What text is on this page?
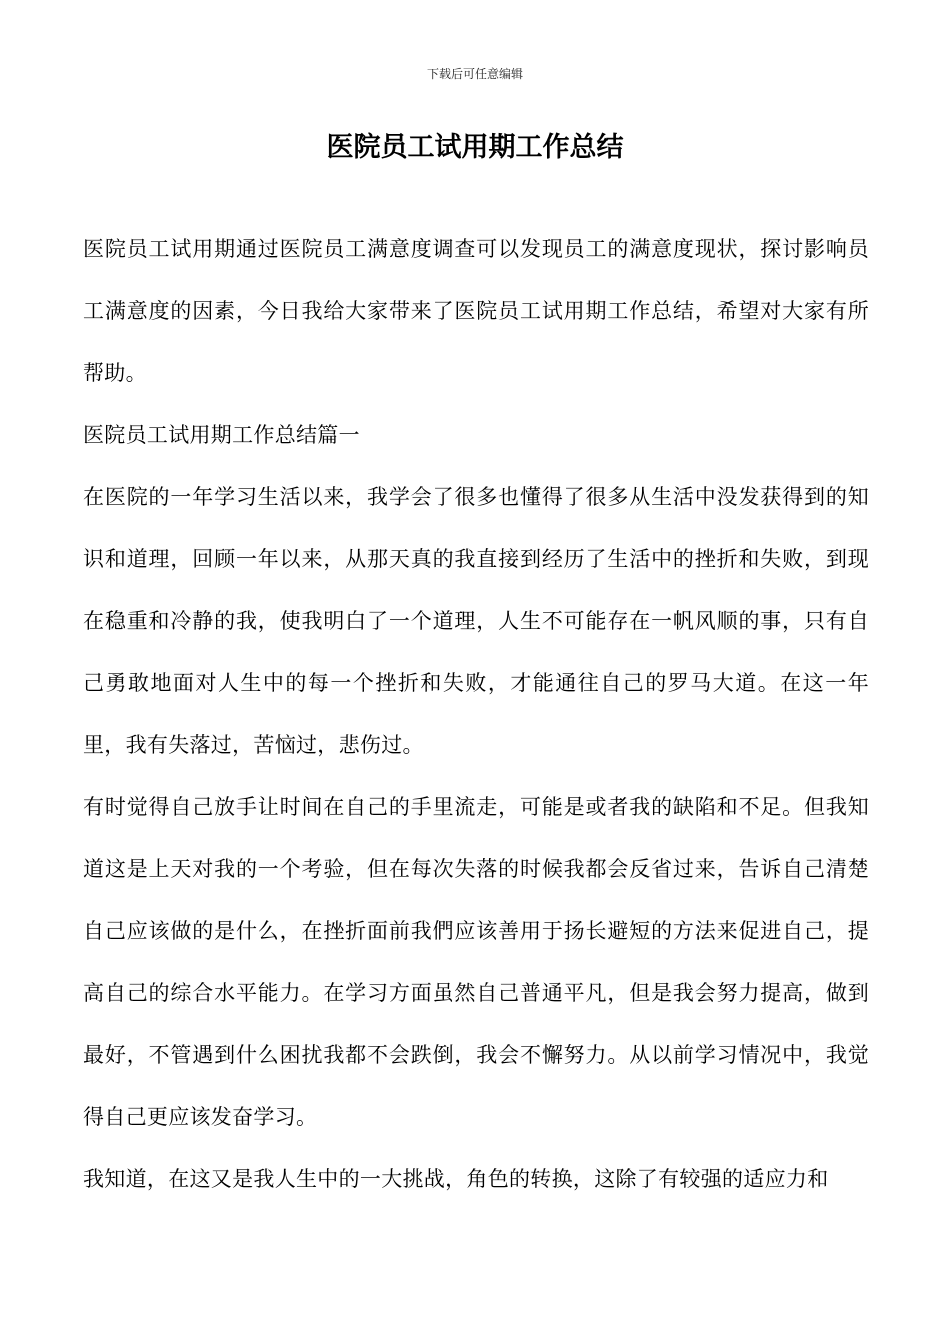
下载后可任意编辑
医院员工试用期工作总结

医院员工试用期通过医院员工满意度调查可以发现员工的满意度现状，探讨影响员工满意度的因素，今日我给大家带来了医院员工试用期工作总结，希望对大家有所帮助。

医院员工试用期工作总结篇一

在医院的一年学习生活以来，我学会了很多也懂得了很多从生活中没发获得到的知识和道理，回顾一年以来，从那天真的我直接到经历了生活中的挫折和失败，到现在稳重和冷静的我，使我明白了一个道理，人生不可能存在一帆风顺的事，只有自己勇敢地面对人生中的每一个挫折和失败，才能通往自己的罗马大道。在这一年里，我有失落过，苦恼过，悲伤过。

有时觉得自己放手让时间在自己的手里流走，可能是或者我的缺陷和不足。但我知道这是上天对我的一个考验，但在每次失落的时候我都会反省过来，告诉自己清楚自己应该做的是什么，在挫折面前我們应该善用于扬长避短的方法来促进自己，提高自己的综合水平能力。在学习方面虽然自己普通平凡，但是我会努力提高，做到最好，不管遇到什么困扰我都不会跌倒，我会不懈努力。从以前学习情况中，我觉得自己更应该发奋学习。

我知道，在这又是我人生中的一大挑战，角色的转换，这除了有较强的适应力和
